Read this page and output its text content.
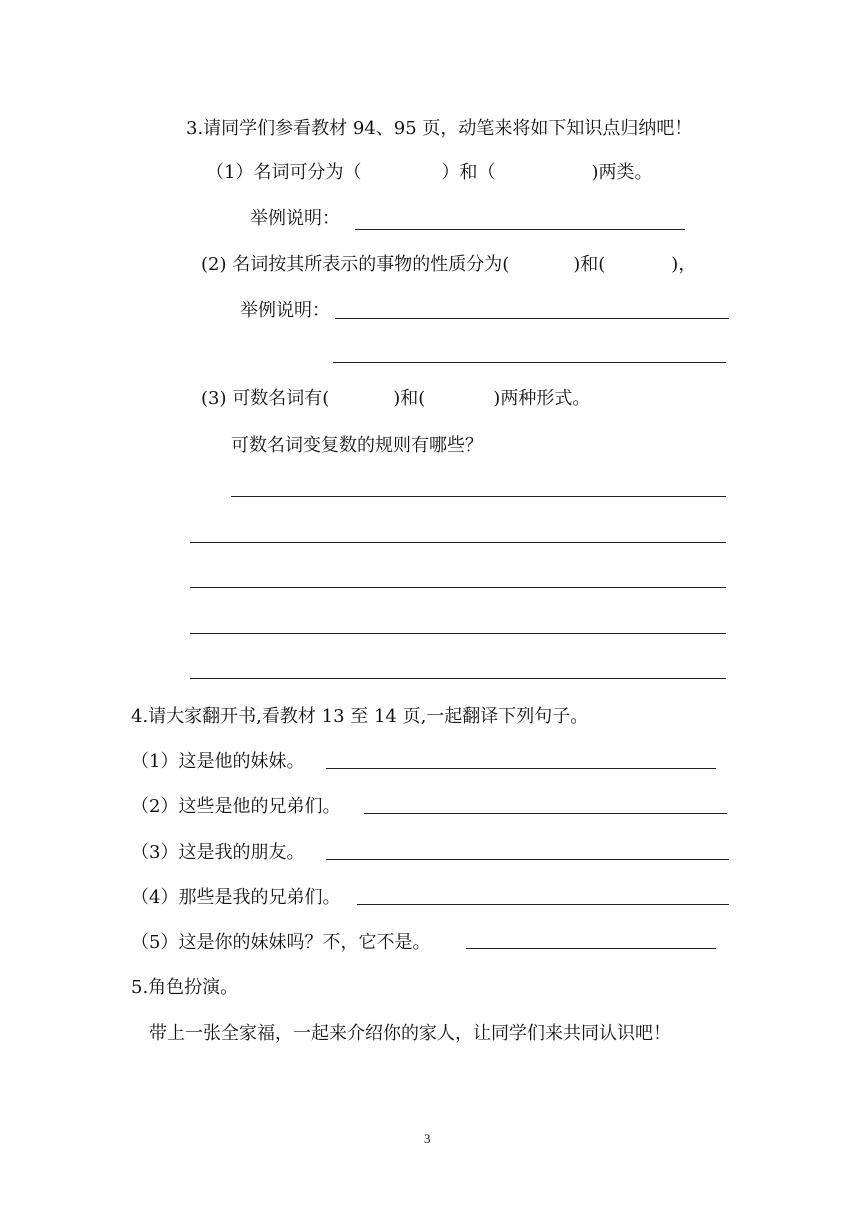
3.请同学们参看教材 94、95 页，动笔来将如下知识点归纳吧！
（1）名词可分为（	）和（	)两类。
举例说明：
(2) 名词按其所表示的事物的性质分为(	)和(	)，
举例说明：
(3) 可数名词有(	)和(	)两种形式。
可数名词变复数的规则有哪些？
4.请大家翻开书,看教材 13 至 14 页,一起翻译下列句子。
（1）这是他的妹妹。
（2）这些是他的兄弟们。
（3）这是我的朋友。
（4）那些是我的兄弟们。
（5）这是你的妹妹吗？不，它不是。
5.角色扮演。
带上一张全家福，一起来介绍你的家人，让同学们来共同认识吧！
3
